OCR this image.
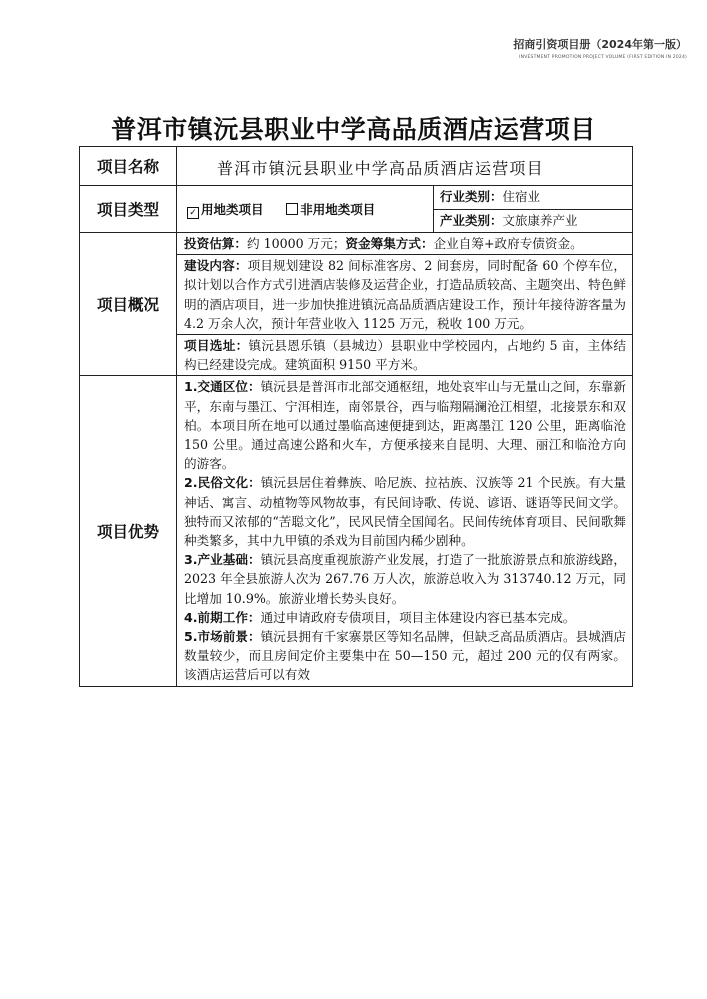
招商引资项目册（2024年第一版）
INVESTMENT PROMOTION PROJECT VOLUME (FIRST EDITION IN 2024)
普洱市镇沅县职业中学高品质酒店运营项目
项目名称	普洱市镇沅县职业中学高品质酒店运营项目	
项目类型	✓ 用地类项目 非用地类项目	行业类别：住宿业
		产业类别：文旅康养产业
项目概况	投资估算：约 10000 万元；资金筹集方式：企业自筹+政府专债资金。	
	建设内容：项目规划建设 82 间标准客房、2 间套房，同时配备 60 个停车位，拟计划以合作方式引进酒店装修及运营企业，打造品质较高、主题突出、特色鲜明的酒店项目，进一步加快推进镇沅高品质酒店建设工作，预计年接待游客量为 4.2 万余人次，预计年营业收入 1125 万元，税收 100 万元。	
	项目选址：镇沅县恩乐镇（县城边）县职业中学校园内，占地约 5 亩，主体结构已经建设完成。建筑面积 9150 平方米。	
项目优势	1.交通区位：镇沅县是普洱市北部交通枢纽，地处哀牢山与无量山之间，东靠新平，东南与墨江、宁洱相连，南邻景谷，西与临翔隔澜沧江相望，北接景东和双柏。本项目所在地可以通过墨临高速便捷到达，距离墨江 120 公里，距离临沧 150 公里。通过高速公路和火车，方便承接来自昆明、大理、丽江和临沧方向的游客。

2.民俗文化：镇沅县居住着彝族、哈尼族、拉祜族、汉族等 21 个民族。有大量神话、寓言、动植物等风物故事，有民间诗歌、传说、谚语、谜语等民间文学。独特而又浓郁的“苦聪文化”，民风民情全国闻名。民间传统体育项目、民间歌舞种类繁多，其中九甲镇的杀戏为目前国内稀少剧种。

3.产业基础：镇沅县高度重视旅游产业发展，打造了一批旅游景点和旅游线路，2023 年全县旅游人次为 267.76 万人次，旅游总收入为 313740.12 万元，同比增加 10.9%。旅游业增长势头良好。

4.前期工作：通过申请政府专债项目，项目主体建设内容已基本完成。

5.市场前景：镇沅县拥有千家寨景区等知名品牌，但缺乏高品质酒店。县城酒店数量较少，而且房间定价主要集中在 50—150 元，超过 200 元的仅有两家。该酒店运营后可以有效	
